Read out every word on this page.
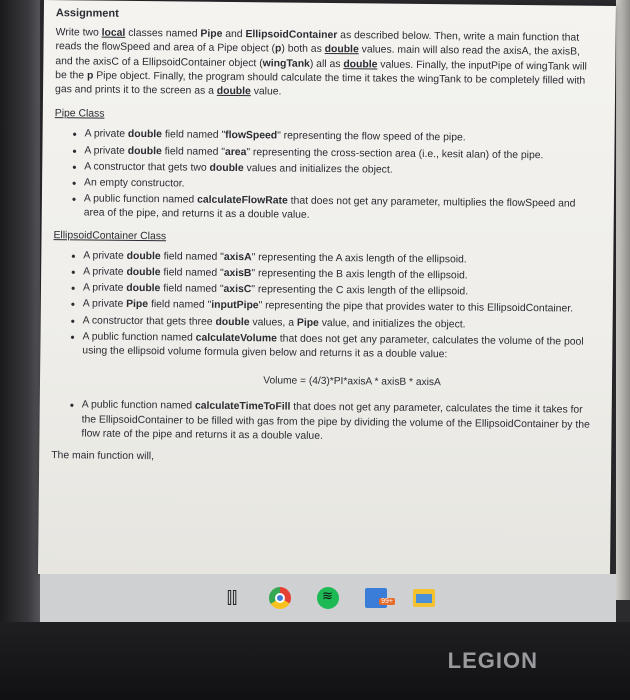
Assignment
Write two local classes named Pipe and EllipsoidContainer as described below. Then, write a main function that reads the flowSpeed and area of a Pipe object (p) both as double values. main will also read the axisA, the axisB, and the axisC of a EllipsoidContainer object (wingTank) all as double values. Finally, the inputPipe of wingTank will be the p Pipe object. Finally, the program should calculate the time it takes the wingTank to be completely filled with gas and prints it to the screen as a double value.
Pipe Class
• A private double field named "flowSpeed" representing the flow speed of the pipe.
• A private double field named "area" representing the cross-section area (i.e., kesit alan) of the pipe.
• A constructor that gets two double values and initializes the object.
• An empty constructor.
• A public function named calculateFlowRate that does not get any parameter, multiplies the flowSpeed and area of the pipe, and returns it as a double value.
EllipsoidContainer Class
• A private double field named "axisA" representing the A axis length of the ellipsoid.
• A private double field named "axisB" representing the B axis length of the ellipsoid.
• A private double field named "axisC" representing the C axis length of the ellipsoid.
• A private Pipe field named "inputPipe" representing the pipe that provides water to this EllipsoidContainer.
• A constructor that gets three double values, a Pipe value, and initializes the object.
• A public function named calculateVolume that does not get any parameter, calculates the volume of the pool using the ellipsoid volume formula given below and returns it as a double value:
Volume = (4/3)*PI*axisA * axisB * axisA
• A public function named calculateTimeToFill that does not get any parameter, calculates the time it takes for the EllipsoidContainer to be filled with gas from the pipe by dividing the volume of the EllipsoidContainer by the flow rate of the pipe and returns it as a double value.
The main function will,
⫿⫿
≋
99+
LEGION
